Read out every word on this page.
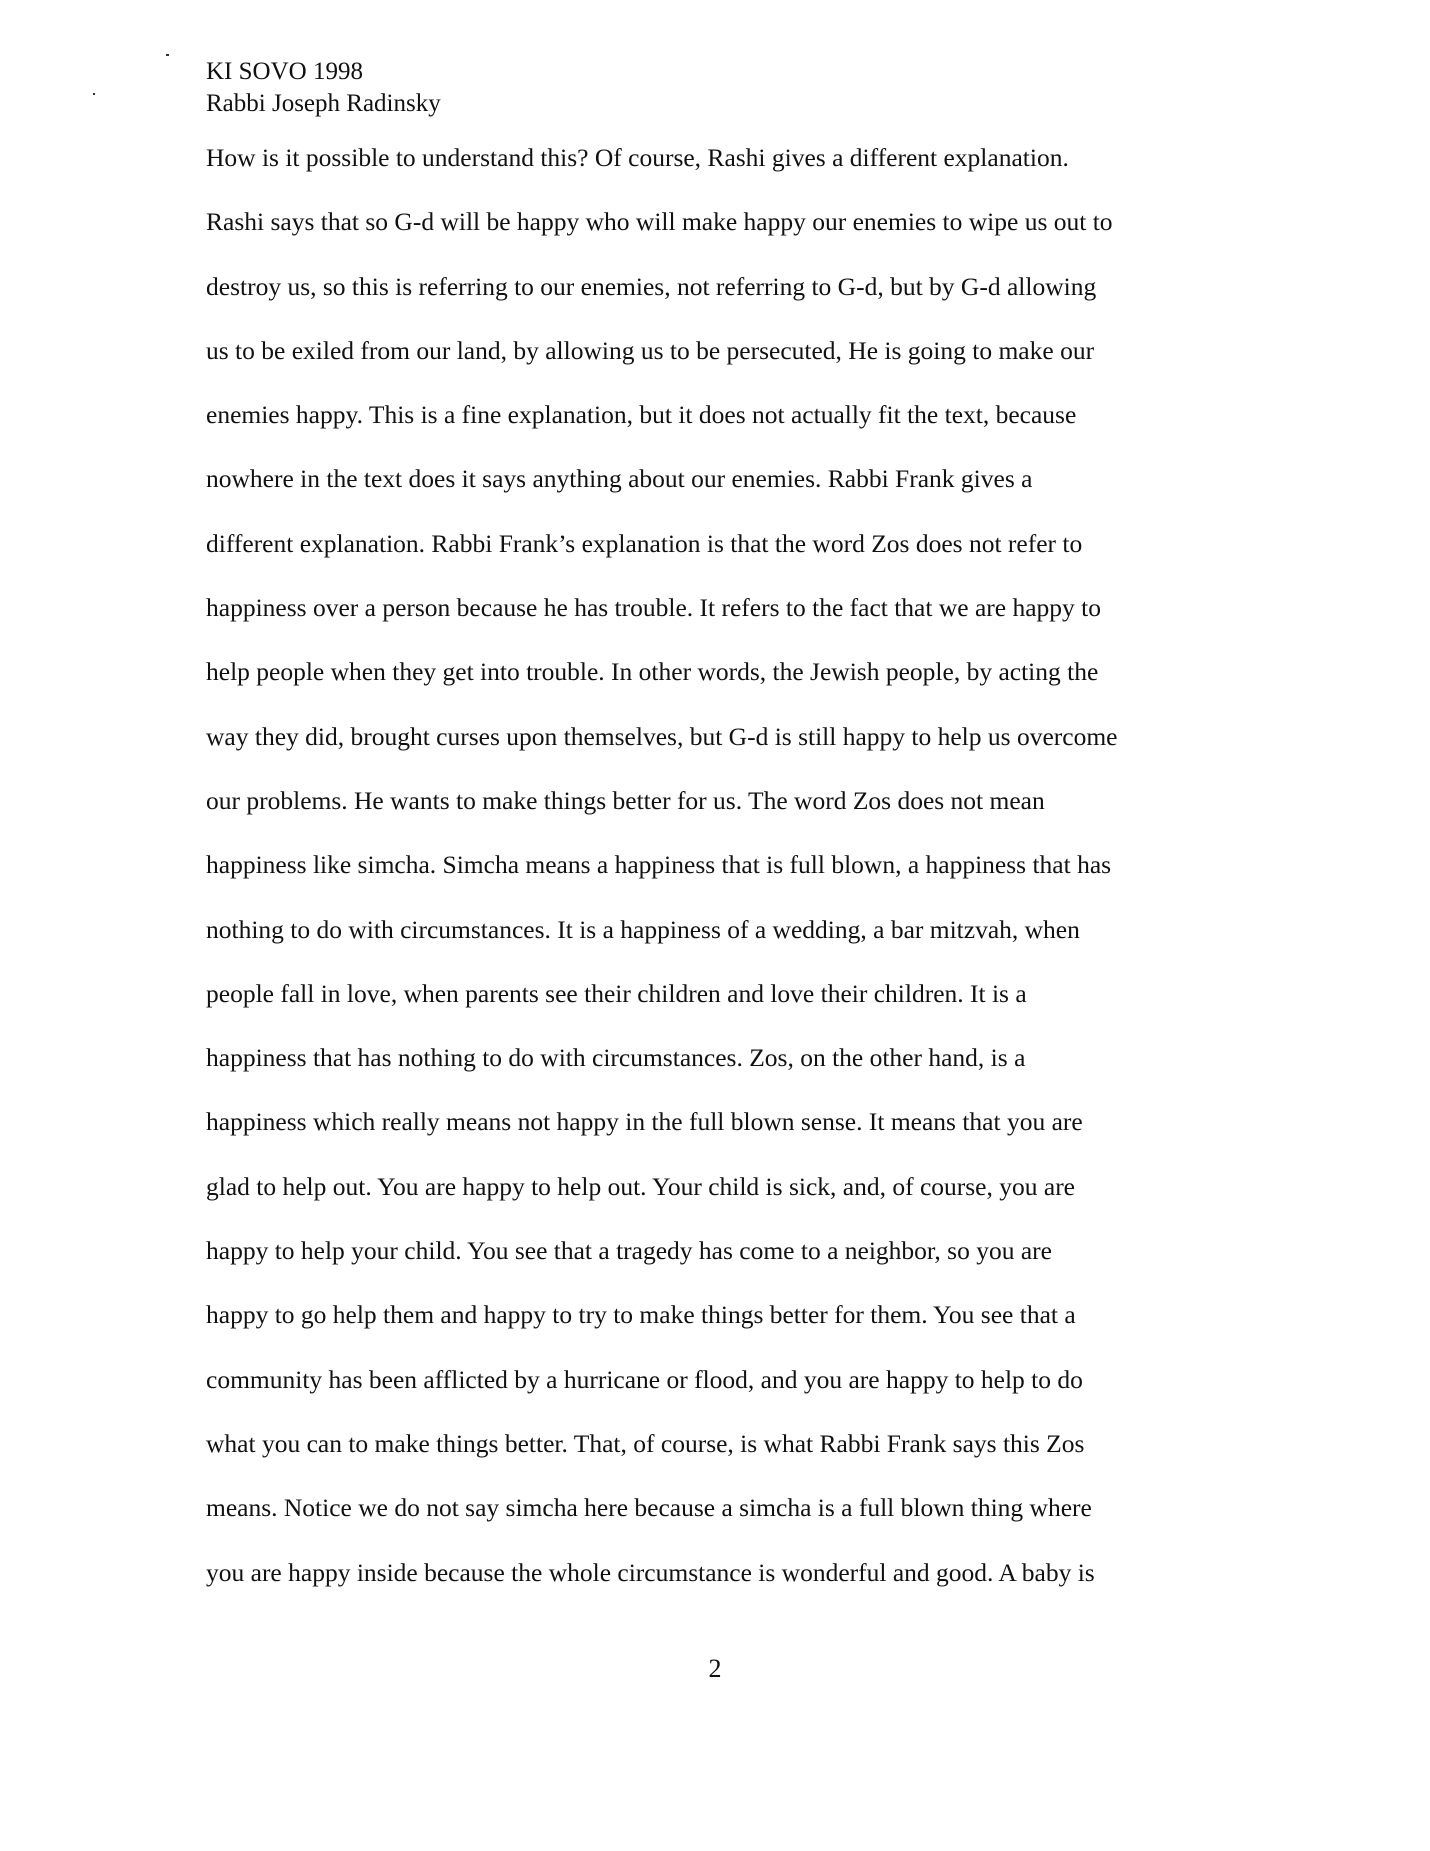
KI SOVO 1998
Rabbi Joseph Radinsky
How is it possible to understand this? Of course, Rashi gives a different explanation.
Rashi says that so G-d will be happy who will make happy our enemies to wipe us out to
destroy us, so this is referring to our enemies, not referring to G-d, but by G-d allowing
us to be exiled from our land, by allowing us to be persecuted, He is going to make our
enemies happy. This is a fine explanation, but it does not actually fit the text, because
nowhere in the text does it says anything about our enemies. Rabbi Frank gives a
different explanation. Rabbi Frank’s explanation is that the word Zos does not refer to
happiness over a person because he has trouble. It refers to the fact that we are happy to
help people when they get into trouble. In other words, the Jewish people, by acting the
way they did, brought curses upon themselves, but G-d is still happy to help us overcome
our problems. He wants to make things better for us. The word Zos does not mean
happiness like simcha. Simcha means a happiness that is full blown, a happiness that has
nothing to do with circumstances. It is a happiness of a wedding, a bar mitzvah, when
people fall in love, when parents see their children and love their children. It is a
happiness that has nothing to do with circumstances. Zos, on the other hand, is a
happiness which really means not happy in the full blown sense. It means that you are
glad to help out. You are happy to help out. Your child is sick, and, of course, you are
happy to help your child. You see that a tragedy has come to a neighbor, so you are
happy to go help them and happy to try to make things better for them. You see that a
community has been afflicted by a hurricane or flood, and you are happy to help to do
what you can to make things better. That, of course, is what Rabbi Frank says this Zos
means. Notice we do not say simcha here because a simcha is a full blown thing where
you are happy inside because the whole circumstance is wonderful and good. A baby is
2
